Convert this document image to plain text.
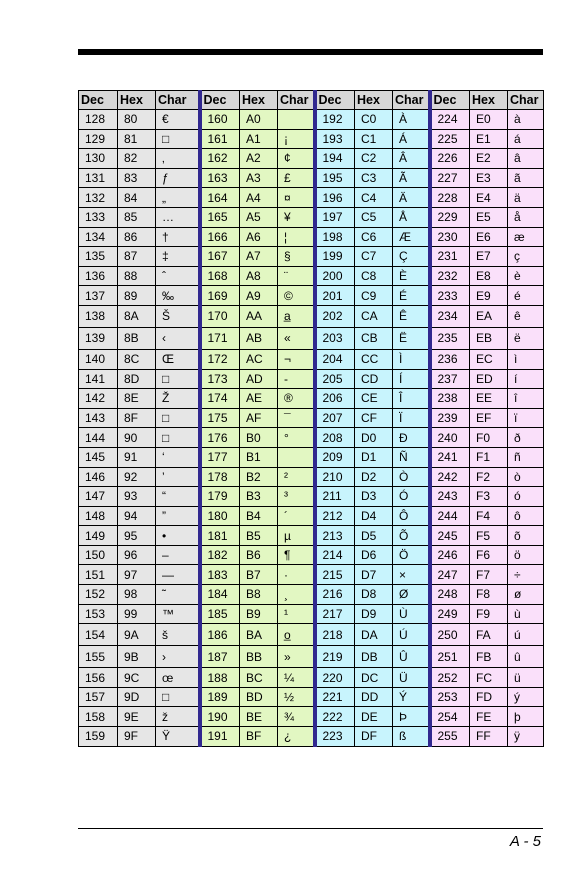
Dec	Hex	Char	Dec	Hex	Char	Dec	Hex	Char	Dec	Hex	Char
128	80	€	160	A0		192	C0	À	224	E0	à
129	81	□	161	A1	¡	193	C1	Á	225	E1	á
130	82	‚	162	A2	¢	194	C2	Â	226	E2	â
131	83	ƒ	163	A3	£	195	C3	Ã	227	E3	ã
132	84	„	164	A4	¤	196	C4	Ä	228	E4	ä
133	85	…	165	A5	¥	197	C5	Å	229	E5	å
134	86	†	166	A6	¦	198	C6	Æ	230	E6	æ
135	87	‡	167	A7	§	199	C7	Ç	231	E7	ç
136	88	ˆ	168	A8	¨	200	C8	È	232	E8	è
137	89	‰	169	A9	©	201	C9	É	233	E9	é
138	8A	Š	170	AA	a̲	202	CA	Ê	234	EA	ê
139	8B	‹	171	AB	«	203	CB	Ë	235	EB	ë
140	8C	Œ	172	AC	¬	204	CC	Ì	236	EC	ì
141	8D	□	173	AD	-	205	CD	Í	237	ED	í
142	8E	Ž	174	AE	®	206	CE	Î	238	EE	î
143	8F	□	175	AF	¯	207	CF	Ï	239	EF	ï
144	90	□	176	B0	°	208	D0	Ð	240	F0	ð
145	91	‘	177	B1		209	D1	Ñ	241	F1	ñ
146	92	’	178	B2	²	210	D2	Ò	242	F2	ò
147	93	“	179	B3	³	211	D3	Ó	243	F3	ó
148	94	”	180	B4	´	212	D4	Ô	244	F4	ô
149	95	•	181	B5	µ	213	D5	Õ	245	F5	õ
150	96	–	182	B6	¶	214	D6	Ö	246	F6	ö
151	97	—	183	B7	·	215	D7	×	247	F7	÷
152	98	˜	184	B8	¸	216	D8	Ø	248	F8	ø
153	99	™	185	B9	¹	217	D9	Ù	249	F9	ù
154	9A	š	186	BA	o̲	218	DA	Ú	250	FA	ú
155	9B	›	187	BB	»	219	DB	Û	251	FB	û
156	9C	œ	188	BC	¼	220	DC	Ü	252	FC	ü
157	9D	□	189	BD	½	221	DD	Ý	253	FD	ý
158	9E	ž	190	BE	¾	222	DE	Þ	254	FE	þ
159	9F	Ÿ	191	BF	¿	223	DF	ß	255	FF	ÿ
A - 5
